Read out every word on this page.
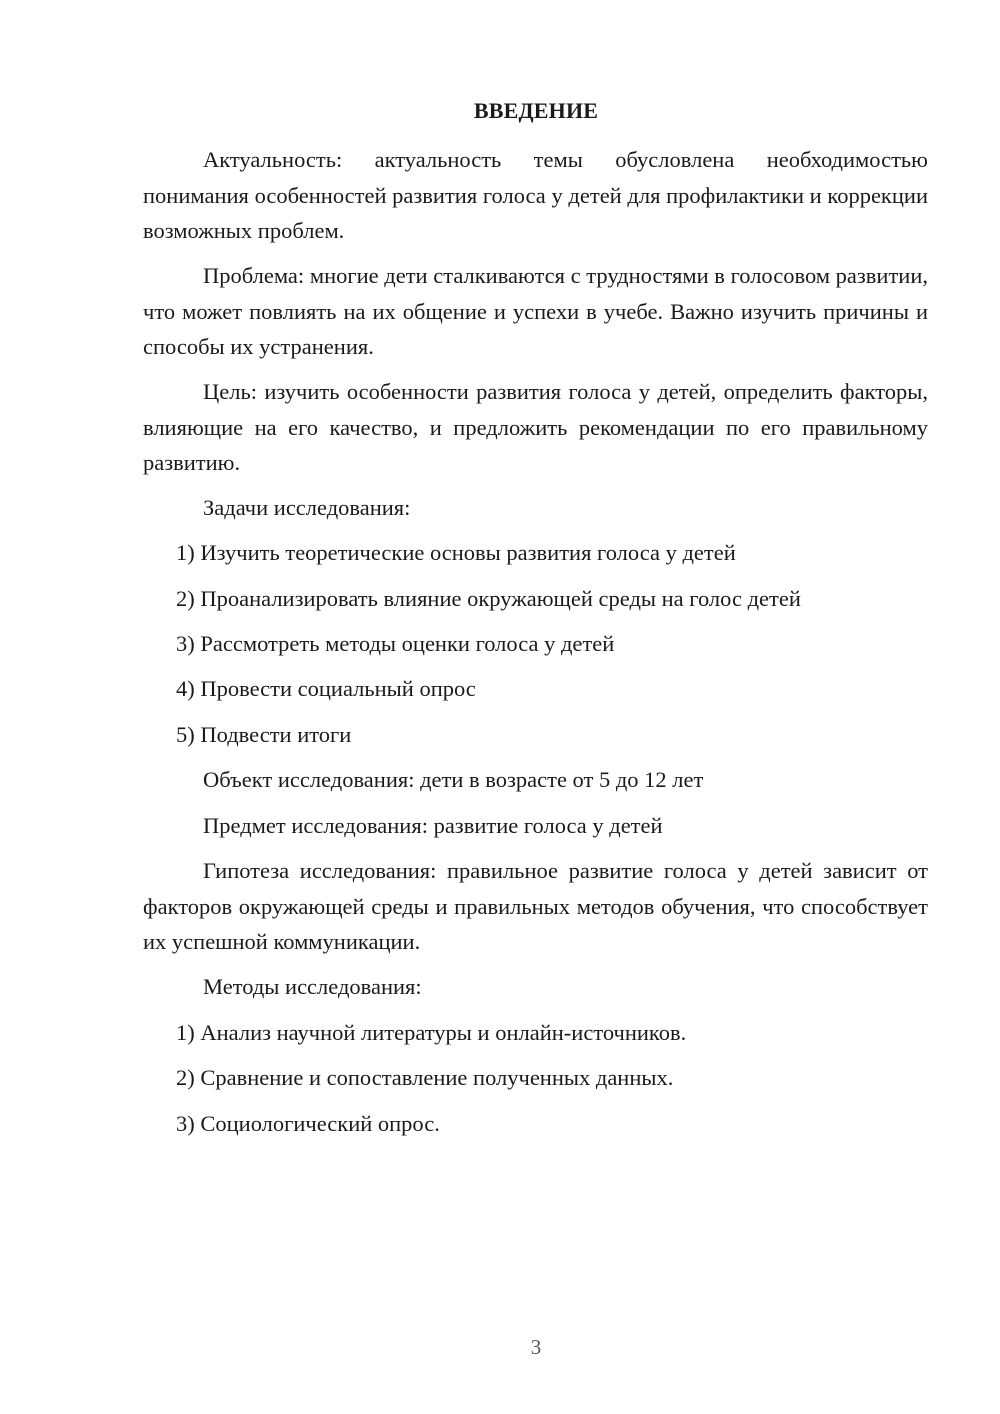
ВВЕДЕНИЕ

Актуальность: актуальность темы обусловлена необходимостью понимания особенностей развития голоса у детей для профилактики и коррекции возможных проблем.

Проблема: многие дети сталкиваются с трудностями в голосовом развитии, что может повлиять на их общение и успехи в учебе. Важно изучить причины и способы их устранения.

Цель: изучить особенности развития голоса у детей, определить факторы, влияющие на его качество, и предложить рекомендации по его правильному развитию.

Задачи исследования:
1) Изучить теоретические основы развития голоса у детей
2) Проанализировать влияние окружающей среды на голос детей
3) Рассмотреть методы оценки голоса у детей
4) Провести социальный опрос
5) Подвести итоги
Объект исследования: дети в возрасте от 5 до 12 лет
Предмет исследования: развитие голоса у детей

Гипотеза исследования: правильное развитие голоса у детей зависит от факторов окружающей среды и правильных методов обучения, что способствует их успешной коммуникации.

Методы исследования:
1) Анализ научной литературы и онлайн-источников.
2) Сравнение и сопоставление полученных данных.
3) Социологический опрос.
3
